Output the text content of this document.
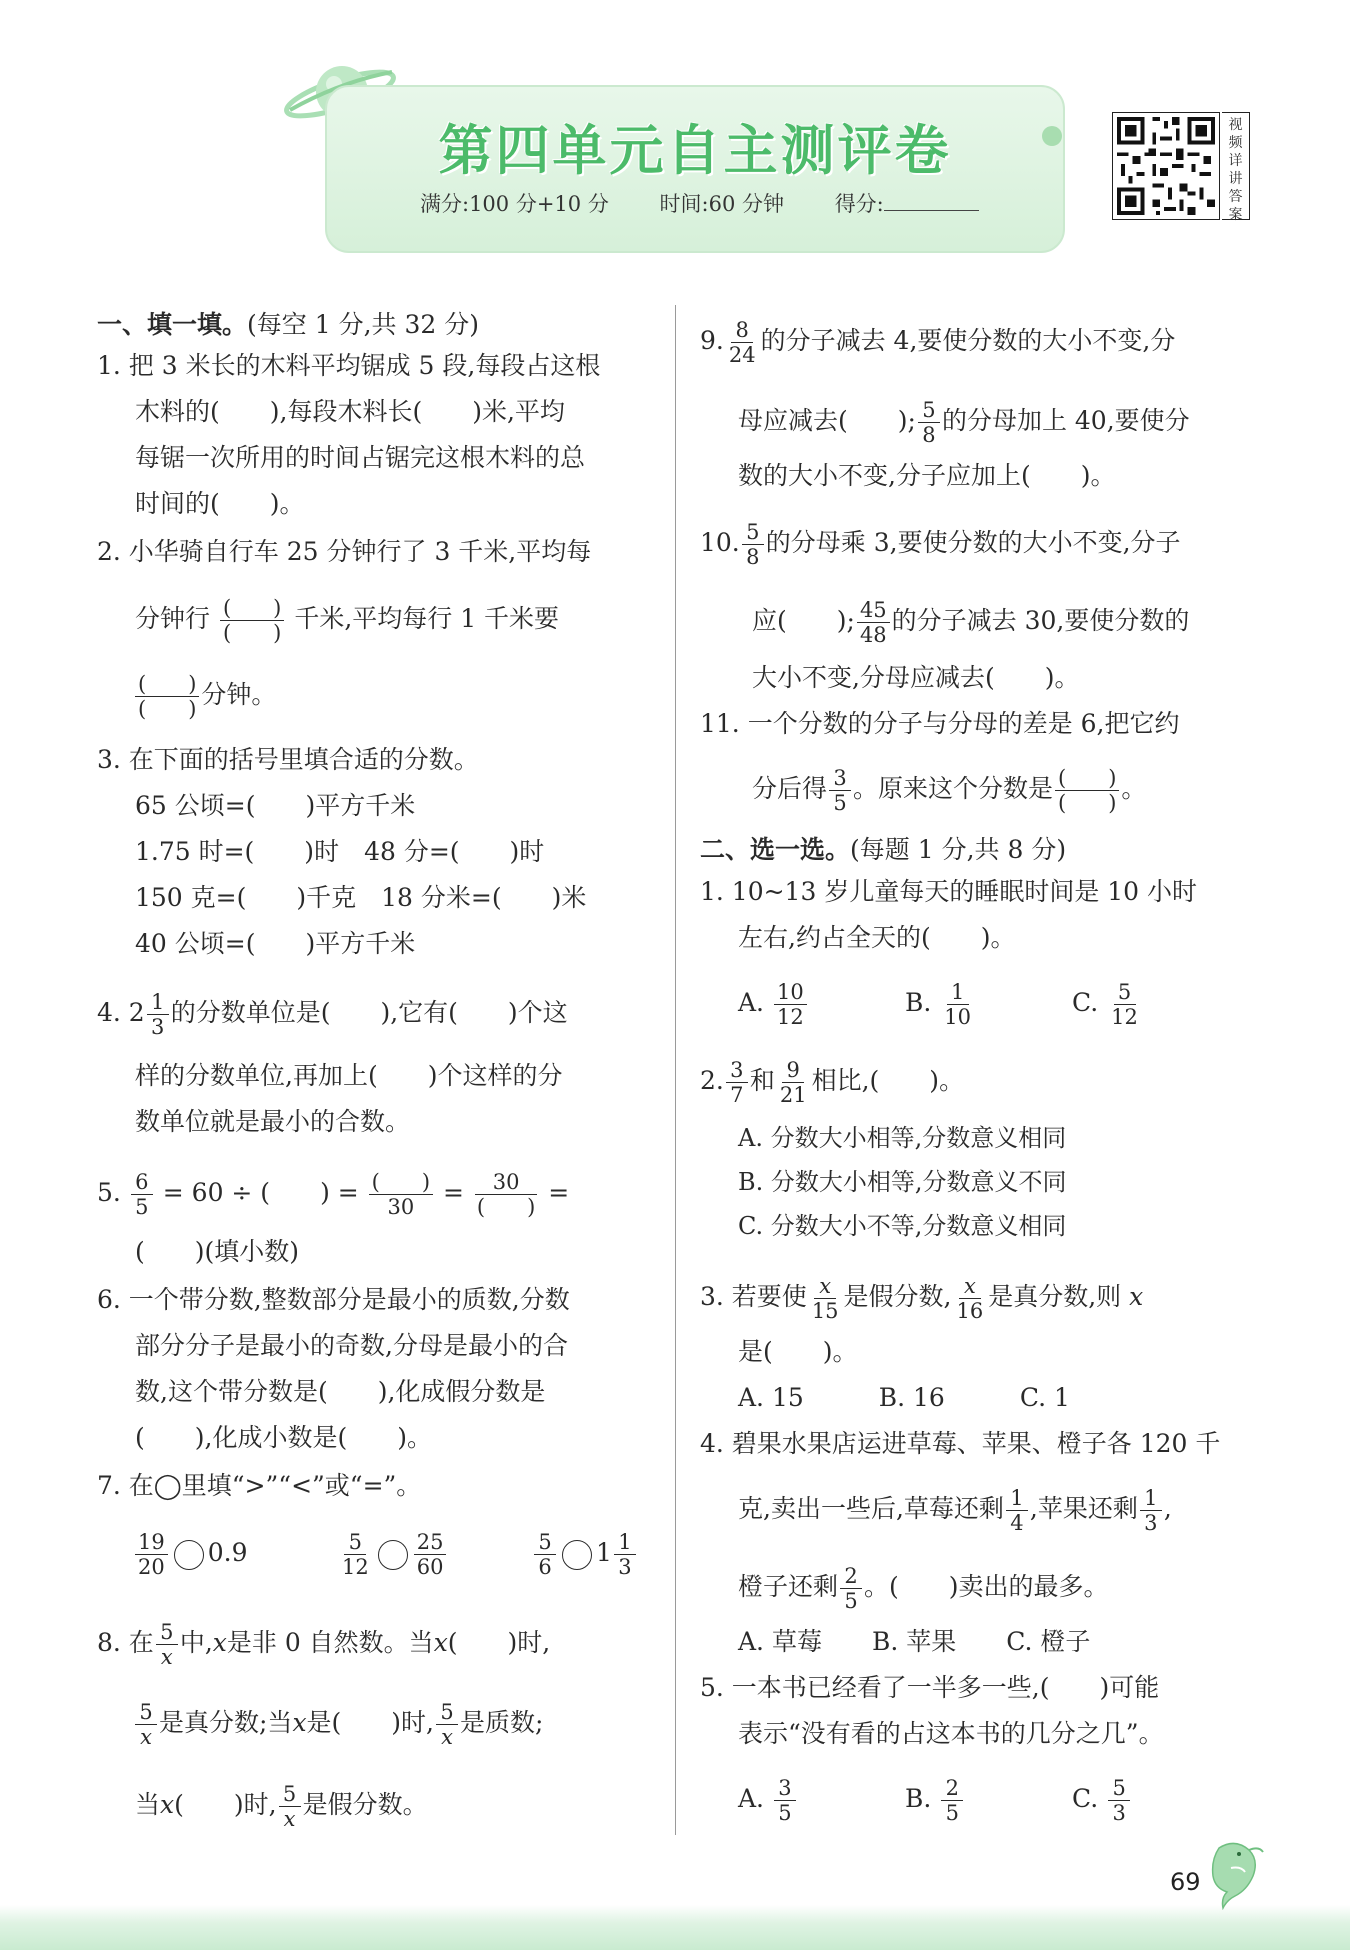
第四单元自主测评卷
满分:100 分+10 分 时间:60 分钟 得分:
视
频
详
讲
答
案
一、填一填。(每空 1 分,共 32 分)
1. 把 3 米长的木料平均锯成 5 段,每段占这根
木料的(　　),每段木料长(　　)米,平均
每锯一次所用的时间占锯完这根木料的总
时间的(　　)。
2. 小华骑自行车 25 分钟行了 3 千米,平均每
分钟行 (　　)
(　　) 千米,平均每行 1 千米要
(　　)
(　　) 分钟。
3. 在下面的括号里填合适的分数。
65 公顷=(　　)平方千米
1.75 时=(　　)时　48 分=(　　)时
150 克=(　　)千克　18 分米=(　　)米
40 公顷=(　　)平方千米
4. $2 \frac{1}{3}$ 的分数单位是(　　),它有(　　)个这
样的分数单位,再加上(　　)个这样的分
数单位就是最小的合数。
5. $\frac{6}{5} = 60$ ÷ (　　) = (　　)
30	=	30
(　　) =
(　　)(填小数)
6. 一个带分数,整数部分是最小的质数,分数
部分分子是最小的奇数,分母是最小的合
数,这个带分数是(　　),化成假分数是
(　　),化成小数是(　　)。
7. 在◯里填“>”“<”或“=”。
$\frac{19}{20} 0.9$	$\frac{5}{12} \frac{25}{60}$	$\frac{5}{6} 1 \frac{1}{3}$
8. 在 $\frac{5}{x}$ 中,x是非 0 自然数。当x(　　)时,
$\frac{5}{x}$ 是真分数;当x是(　　)时, $\frac{5}{x}$ 是质数;
当x(　　)时, $\frac{5}{x}$ 是假分数。
9. $\frac{8}{24}$ 的分子减去 4,要使分数的大小不变,分
母应减去(　　); $\frac{5}{8}$ 的分母加上 40,要使分
数的大小不变,分子应加上(　　)。
10. $\frac{5}{8}$ 的分母乘 3,要使分数的大小不变,分子
应(　　); $\frac{45}{48}$ 的分子减去 30,要使分数的
大小不变,分母应减去(　　)。
11. 一个分数的分子与分母的差是 6,把它约
分后得 $\frac{3}{5}$ 。原来这个分数是 (　　)
(　　) 。
二、选一选。(每题 1 分,共 8 分)
1. 10~13 岁儿童每天的睡眠时间是 10 小时
左右,约占全天的(　　)。
A. $\frac{10}{12}$	B. $\frac{1}{10}$	C. $\frac{5}{12}$
2. $\frac{3}{7}$ 和 $\frac{9}{21}$ 相比,(　　)。
A. 分数大小相等,分数意义相同
B. 分数大小相等,分数意义不同
C. 分数大小不等,分数意义相同
3. 若要使 $\frac{x}{15}$ 是假分数, $\frac{x}{16}$ 是真分数,则 x
是(　　)。
A. 15　　　B. 16　　　C. 1
4. 碧果水果店运进草莓、苹果、橙子各 120 千
克,卖出一些后,草莓还剩 $\frac{1}{4}$ ,苹果还剩 $\frac{1}{3}$ ,
橙子还剩 $\frac{2}{5}$ 。(　　)卖出的最多。
A. 草莓　　B. 苹果　　C. 橙子
5. 一本书已经看了一半多一些,(　　)可能
表示“没有看的占这本书的几分之几”。
A. $\frac{3}{5}$	B. $\frac{2}{5}$	C. $\frac{5}{3}$
69
